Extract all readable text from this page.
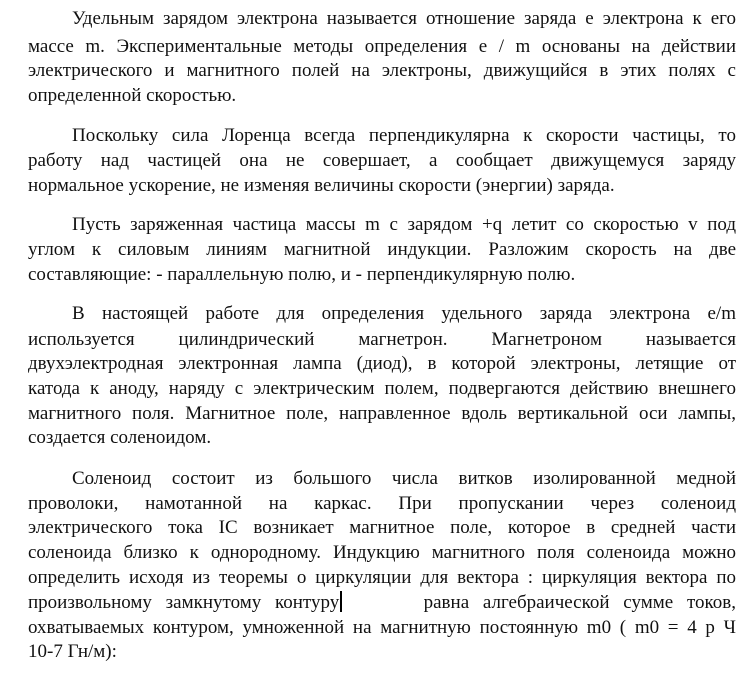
Удельным зарядом электрона называется отношение заряда е электрона к его
массе m. Экспериментальные методы определения е / m основаны на действии
электрического и магнитного полей на электроны, движущийся в этих полях с
определенной скоростью.
Поскольку сила Лоренца всегда перпендикулярна к скорости частицы, то
работу над частицей она не совершает, а сообщает движущемуся заряду
нормальное ускорение, не изменяя величины скорости (энергии) заряда.
Пусть заряженная частица массы m с зарядом +q летит со скоростью v под
углом к силовым линиям магнитной индукции. Разложим скорость на две
составляющие: - параллельную полю, и - перпендикулярную полю.
В настоящей работе для определения удельного заряда электрона e/m
используется цилиндрический магнетрон. Магнетроном называется
двухэлектродная электронная лампа (диод), в которой электроны, летящие от
катода к аноду, наряду с электрическим полем, подвергаются действию внешнего
магнитного поля. Магнитное поле, направленное вдоль вертикальной оси лампы,
создается соленоидом.
Соленоид состоит из большого числа витков изолированной медной
проволоки, намотанной на каркас. При пропускании через соленоид
электрического тока IC возникает магнитное поле, которое в средней части
соленоида близко к однородному. Индукцию магнитного поля соленоида можно
определить исходя из теоремы о циркуляции для вектора : циркуляция вектора по
произвольному замкнутому контуру	равна алгебраической сумме токов,
охватываемых контуром, умноженной на магнитную постоянную m0 ( m0 = 4 p Ч
10-7 Гн/м):
